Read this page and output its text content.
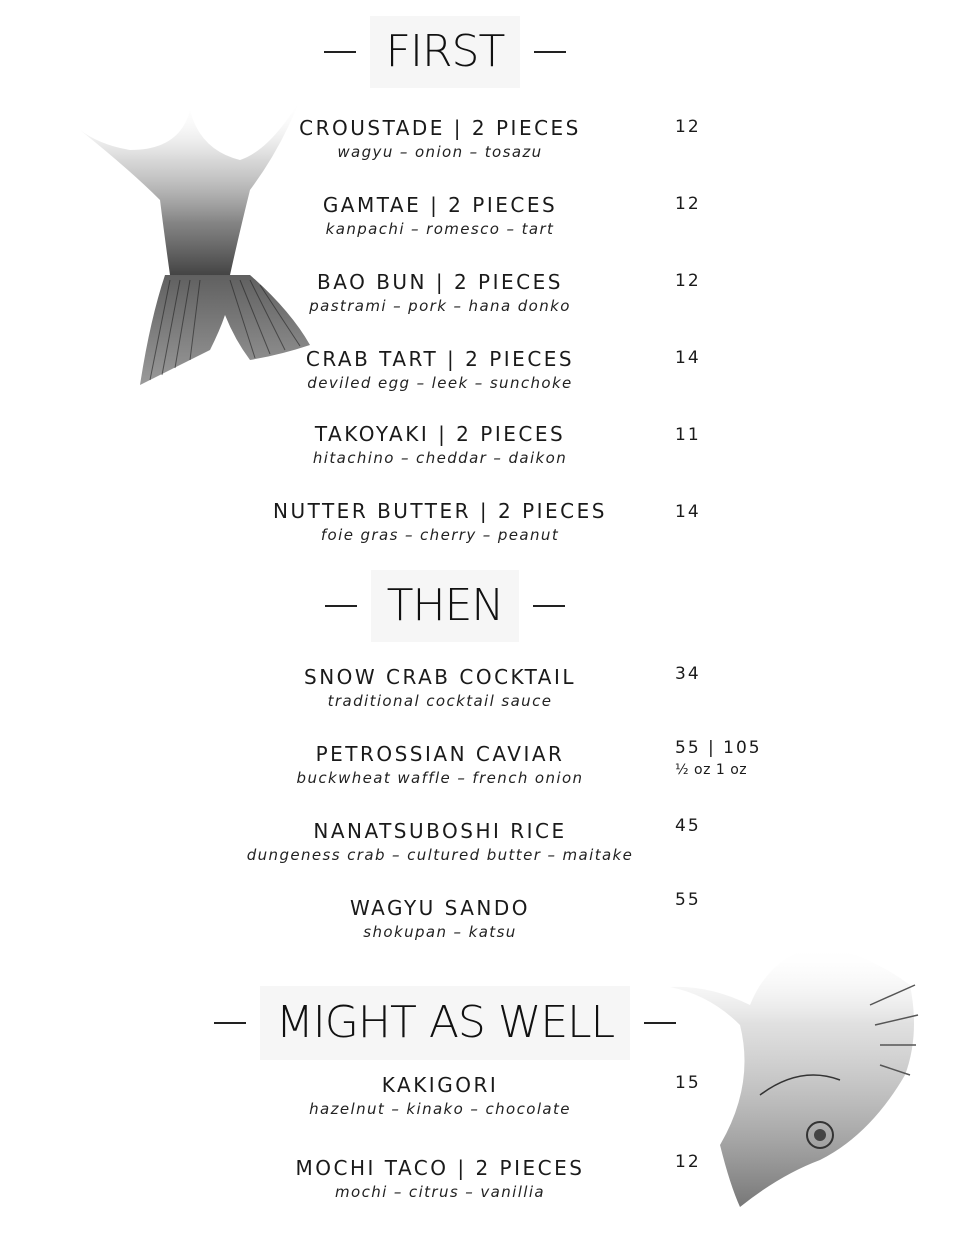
FIRST
CROUSTADE | 2 PIECES
wagyu – onion – tosazu
12
GAMTAE | 2 PIECES
kanpachi – romesco – tart
12
BAO BUN | 2 PIECES
pastrami – pork – hana donko
12
CRAB TART | 2 PIECES
deviled egg – leek – sunchoke
14
TAKOYAKI | 2 PIECES
hitachino – cheddar – daikon
11
NUTTER BUTTER | 2 PIECES
foie gras – cherry – peanut
14
THEN
SNOW CRAB COCKTAIL
traditional cocktail sauce
34
PETROSSIAN CAVIAR
buckwheat waffle – french onion
55 | 105
½ oz 1 oz
NANATSUBOSHI RICE
dungeness crab – cultured butter – maitake
45
WAGYU SANDO
shokupan – katsu
55
MIGHT AS WELL
KAKIGORI
hazelnut – kinako – chocolate
15
MOCHI TACO | 2 PIECES
mochi – citrus – vanillia
12
